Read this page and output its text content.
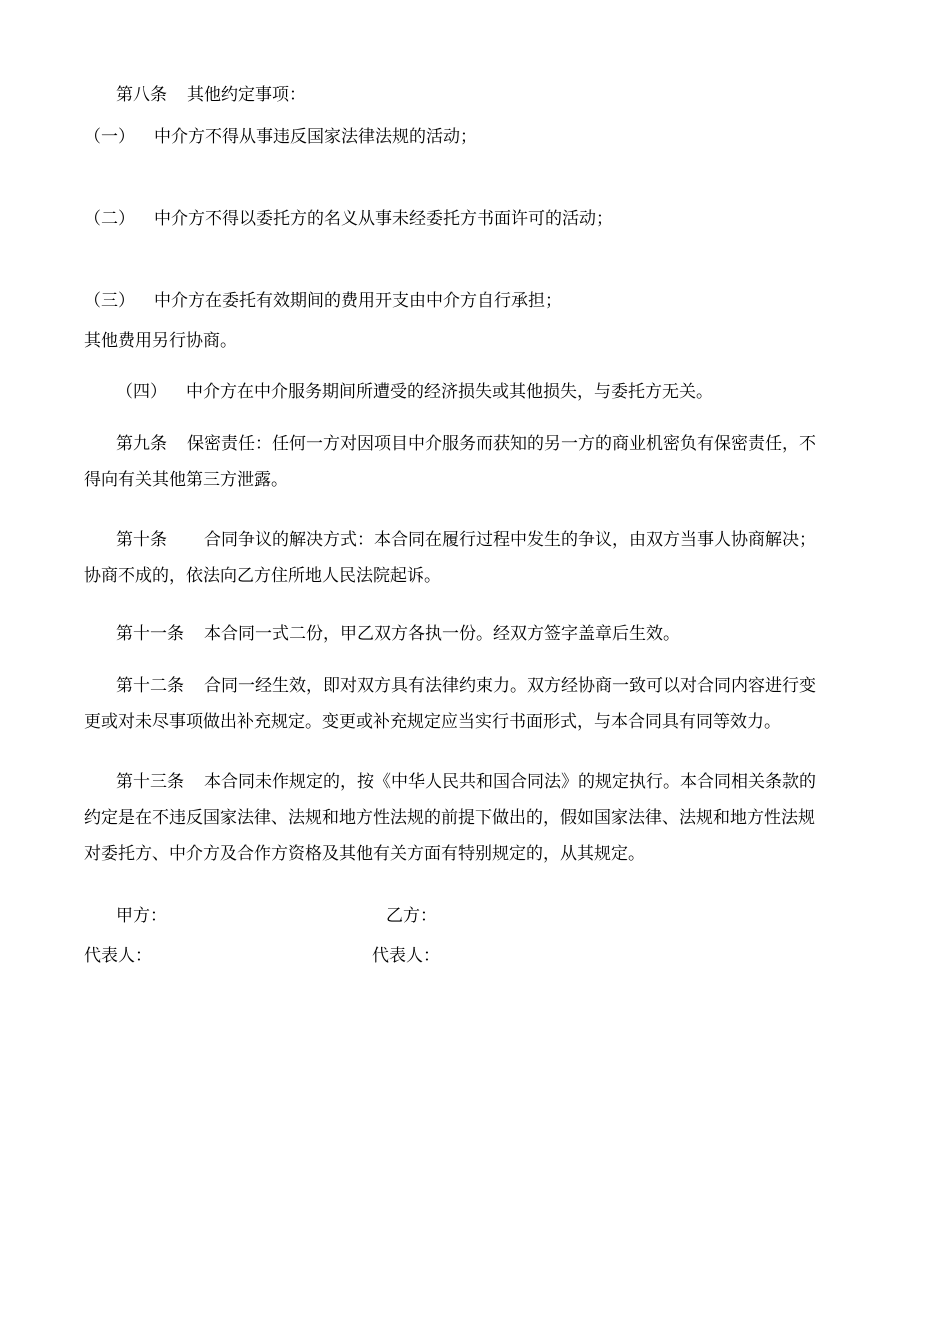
第八条 其他约定事项：
（一） 中介方不得从事违反国家法律法规的活动；
（二） 中介方不得以委托方的名义从事未经委托方书面许可的活动；
（三） 中介方在委托有效期间的费用开支由中介方自行承担；
其他费用另行协商。
（四） 中介方在中介服务期间所遭受的经济损失或其他损失，与委托方无关。
第九条 保密责任：任何一方对因项目中介服务而获知的另一方的商业机密负有保密责任，不
得向有关其他第三方泄露。
第十条 合同争议的解决方式：本合同在履行过程中发生的争议，由双方当事人协商解决；
协商不成的，依法向乙方住所地人民法院起诉。
第十一条 本合同一式二份，甲乙双方各执一份。经双方签字盖章后生效。
第十二条 合同一经生效，即对双方具有法律约束力。双方经协商一致可以对合同内容进行变
更或对未尽事项做出补充规定。变更或补充规定应当实行书面形式，与本合同具有同等效力。
第十三条 本合同未作规定的，按《中华人民共和国合同法》的规定执行。本合同相关条款的
约定是在不违反国家法律、法规和地方性法规的前提下做出的，假如国家法律、法规和地方性法规
对委托方、中介方及合作方资格及其他有关方面有特别规定的，从其规定。
甲方：	乙方：
代表人：	代表人：
